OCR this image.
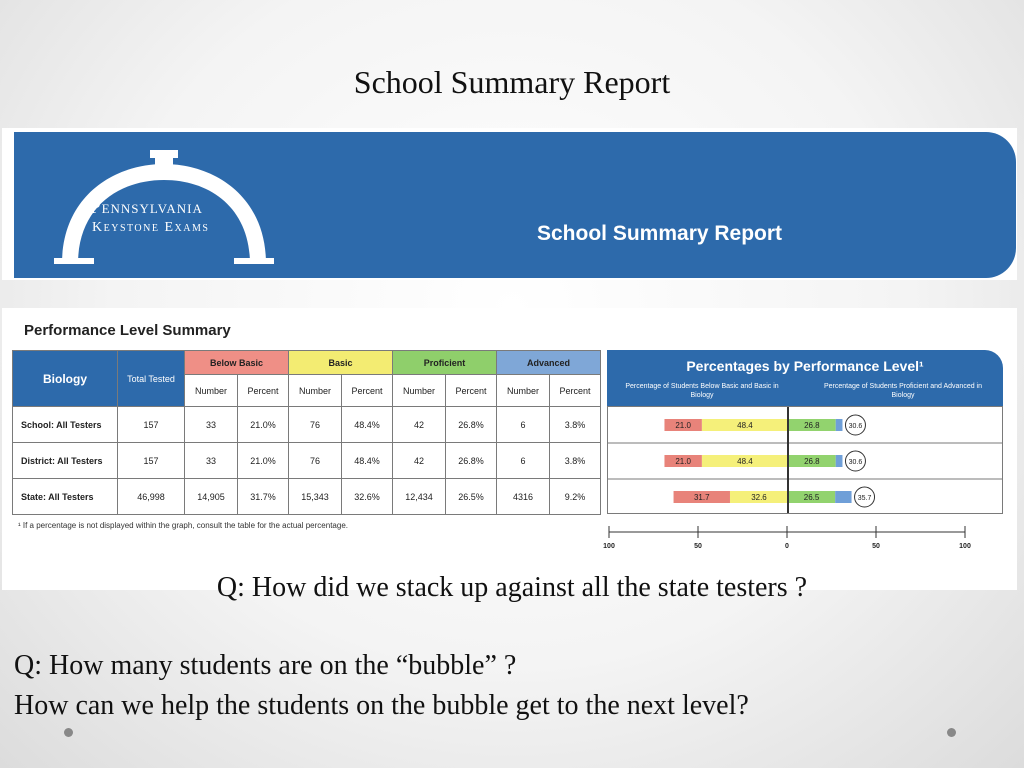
School Summary Report
Pennsylvania
Keystone Exams	School Summary Report
Performance Level Summary
Biology	Total Tested	Below Basic		Basic		Proficient		Advanced	
		Number	Percent	Number	Percent	Number	Percent	Number	Percent
School: All Testers	157	33	21.0%	76	48.4%	42	26.8%	6	3.8%
District: All Testers	157	33	21.0%	76	48.4%	42	26.8%	6	3.8%
State: All Testers	46,998	14,905	31.7%	15,343	32.6%	12,434	26.5%	4316	9.2%
Percentages by Performance Level¹
Percentage of Students Below Basic and Basic in Biology
Percentage of Students Proficient and Advanced in Biology
21.0	48.4	26.8	30.6
21.0	48.4	26.8	30.6
31.7	32.6	26.5	35.7
¹ If a percentage is not displayed within the graph, consult the table for the actual percentage.
100	50	0	50	100
Q: How did we stack up against all the state testers ?
Q: How many students are on the “bubble” ?
How can we help the students on the bubble get to the next level?
